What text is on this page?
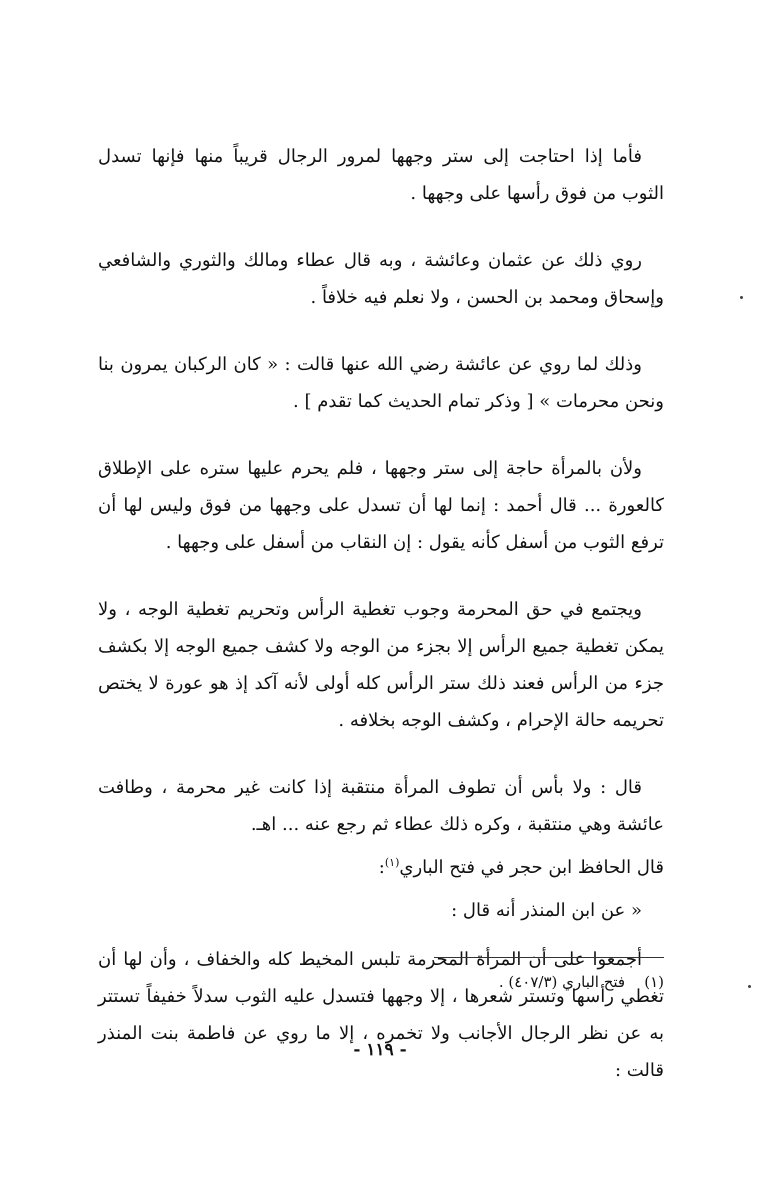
فأما إذا احتاجت إلى ستر وجهها لمرور الرجال قريباً منها فإنها تسدل الثوب من فوق رأسها على وجهها .

روي ذلك عن عثمان وعائشة ، وبه قال عطاء ومالك والثوري والشافعي وإسحاق ومحمد بن الحسن ، ولا نعلم فيه خلافاً .

وذلك لما روي عن عائشة رضي الله عنها قالت : « كان الركبان يمرون بنا ونحن محرمات » [ وذكر تمام الحديث كما تقدم ] .

ولأن بالمرأة حاجة إلى ستر وجهها ، فلم يحرم عليها ستره على الإطلاق كالعورة ... قال أحمد : إنما لها أن تسدل على وجهها من فوق وليس لها أن ترفع الثوب من أسفل كأنه يقول : إن النقاب من أسفل على وجهها .

ويجتمع في حق المحرمة وجوب تغطية الرأس وتحريم تغطية الوجه ، ولا يمكن تغطية جميع الرأس إلا بجزء من الوجه ولا كشف جميع الوجه إلا بكشف جزء من الرأس فعند ذلك ستر الرأس كله أولى لأنه آكد إذ هو عورة لا يختص تحريمه حالة الإحرام ، وكشف الوجه بخلافه .

قال : ولا بأس أن تطوف المرأة منتقبة إذا كانت غير محرمة ، وطافت عائشة وهي منتقبة ، وكره ذلك عطاء ثم رجع عنه ... اهـ.

قال الحافظ ابن حجر في فتح الباري$^{(١)}$:

« عن ابن المنذر أنه قال :

أجمعوا على أن المرأة المحرمة تلبس المخيط كله والخفاف ، وأن لها أن تغطي رأسها وتستر شعرها ، إلا وجهها فتسدل عليه الثوب سدلاً خفيفاً تستتر به عن نظر الرجال الأجانب ولا تخمره ، إلا ما روي عن فاطمة بنت المنذر قالت :

(١)    فتح الباري (٤٠٧/٣) .
- ١١٩ -
